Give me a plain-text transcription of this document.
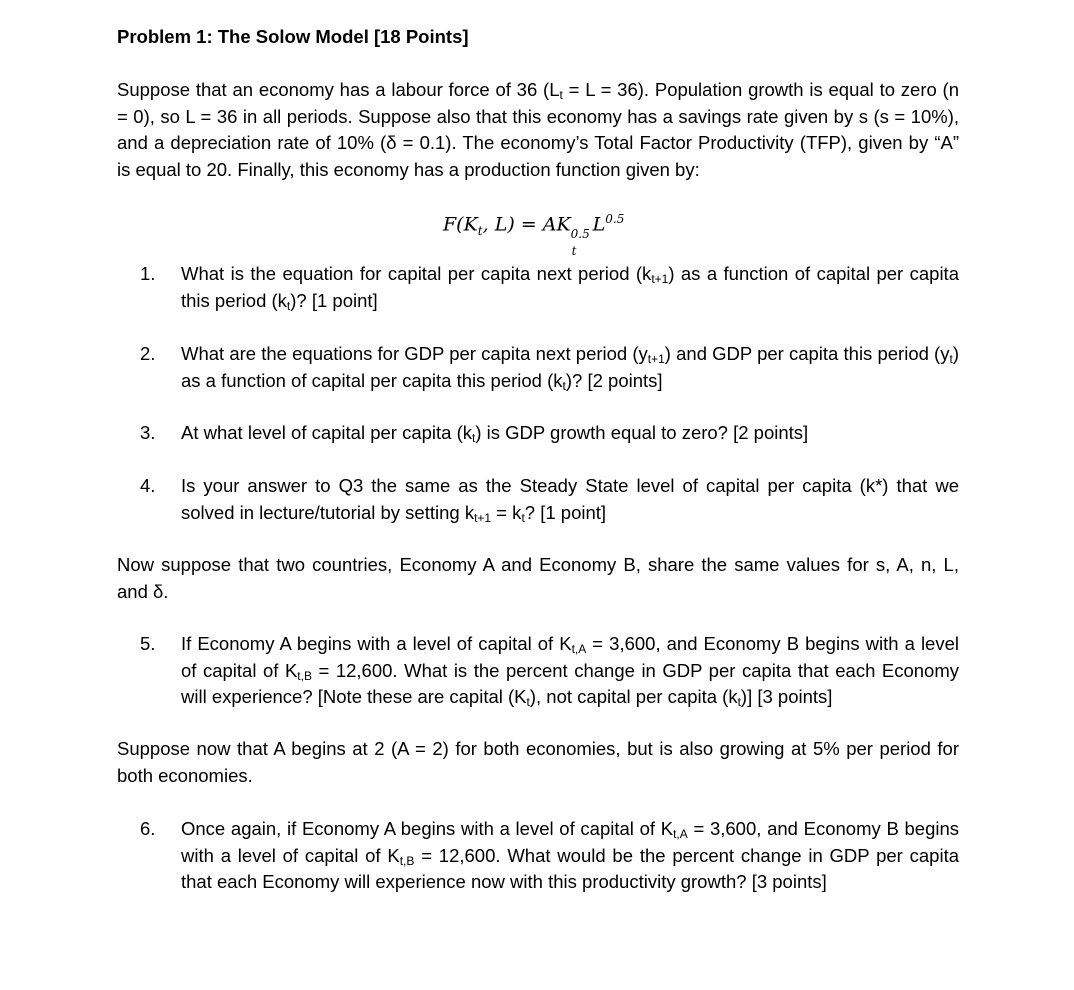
Problem 1: The Solow Model [18 Points]

Suppose that an economy has a labour force of 36 $(L_t = L = 36)$. Population growth is equal to zero (n = 0), so L = 36 in all periods. Suppose also that this economy has a savings rate given by s (s = 10%), and a depreciation rate of 10% (δ = 0.1). The economy’s Total Factor Productivity (TFP), given by “A” is equal to 20. Finally, this economy has a production function given by:

$F(K_t$, L) = AK 0.5
t
$L^{0.5}$
1. What is the equation for capital per capita next period $(k_{t+1})$ as a function of capital per capita this period $(k_t)$? [1 point]

2. What are the equations for GDP per capita next period $(y_{t+1})$ and GDP per capita this period $(y_t)$ as a function of capital per capita this period $(k_t)$? [2 points]

3. At what level of capital per capita $(k_t)$ is GDP growth equal to zero? [2 points]

4. Is your answer to Q3 the same as the Steady State level of capital per capita (k*) that we solved in lecture/tutorial by setting $k_{t+1} = k_t$? [1 point]

Now suppose that two countries, Economy A and Economy B, share the same values for s, A, n, L, and δ.

5. If Economy A begins with a level of capital of $K_{t,A} = 3,600$, and Economy B begins with a level of capital of $K_{t,B} = 12,600$. What is the percent change in GDP per capita that each Economy will experience? [Note these are capital $(K_t)$, not capital per capita $(k_t)$] [3 points]

Suppose now that A begins at 2 (A = 2) for both economies, but is also growing at 5% per period for both economies.

6. Once again, if Economy A begins with a level of capital of $K_{t,A} = 3,600$, and Economy B begins with a level of capital of $K_{t,B} = 12,600$. What would be the percent change in GDP per capita that each Economy will experience now with this productivity growth? [3 points]
